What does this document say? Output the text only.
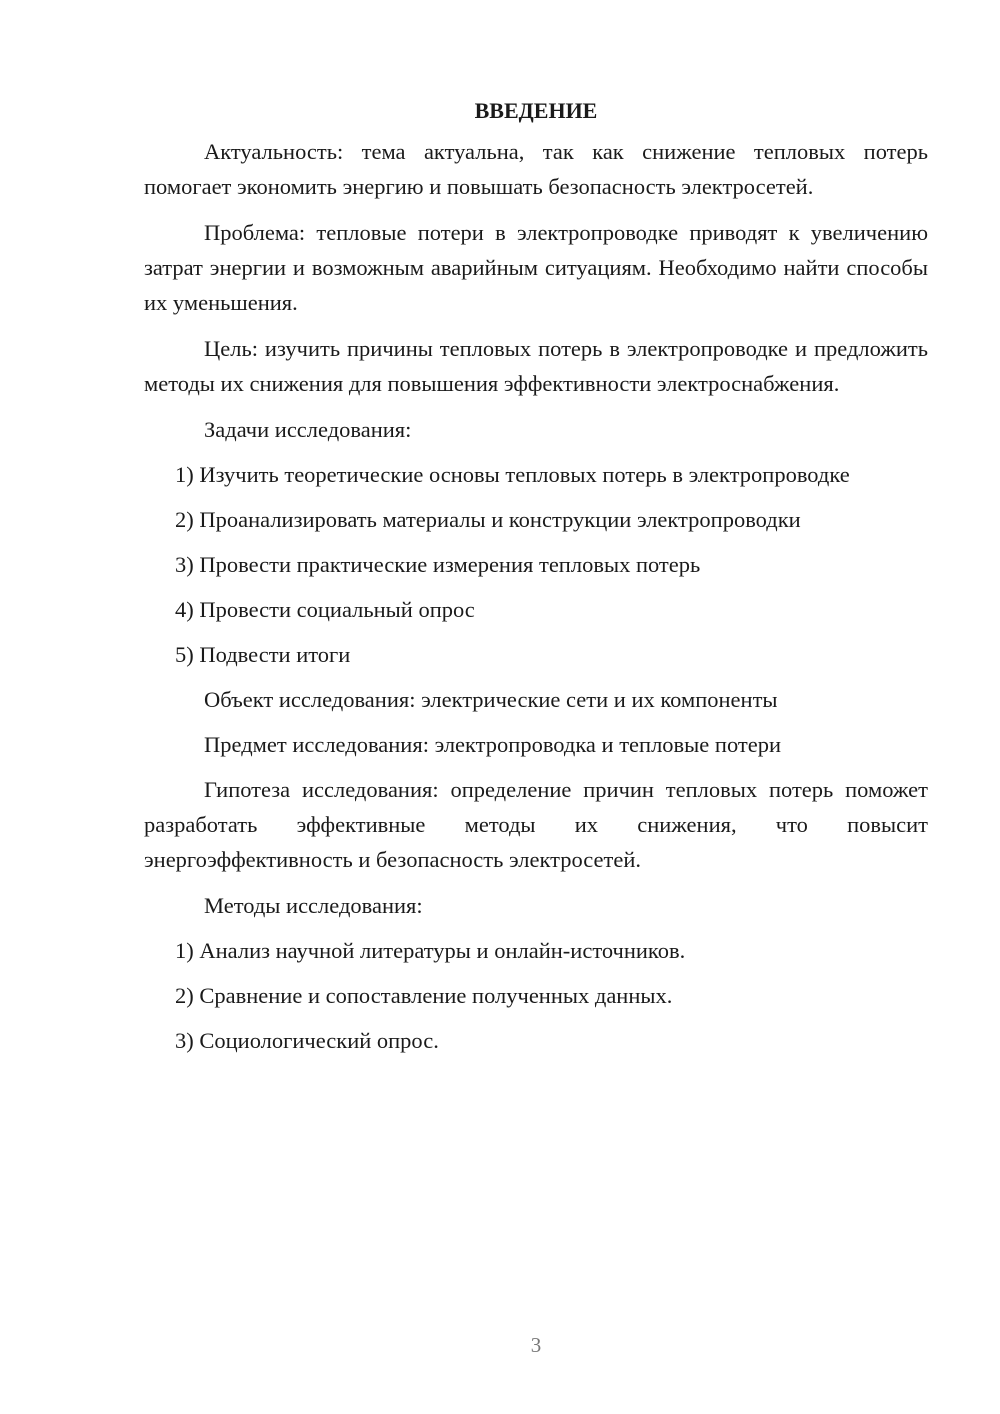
ВВЕДЕНИЕ

Актуальность: тема актуальна, так как снижение тепловых потерь помогает экономить энергию и повышать безопасность электросетей.

Проблема: тепловые потери в электропроводке приводят к увеличению затрат энергии и возможным аварийным ситуациям. Необходимо найти способы их уменьшения.

Цель: изучить причины тепловых потерь в электропроводке и предложить методы их снижения для повышения эффективности электроснабжения.

Задачи исследования:
1) Изучить теоретические основы тепловых потерь в электропроводке
2) Проанализировать материалы и конструкции электропроводки
3) Провести практические измерения тепловых потерь
4) Провести социальный опрос
5) Подвести итоги
Объект исследования: электрические сети и их компоненты
Предмет исследования: электропроводка и тепловые потери

Гипотеза исследования: определение причин тепловых потерь поможет разработать эффективные методы их снижения, что повысит энергоэффективность и безопасность электросетей.

Методы исследования:
1) Анализ научной литературы и онлайн-источников.
2) Сравнение и сопоставление полученных данных.
3) Социологический опрос.
3
